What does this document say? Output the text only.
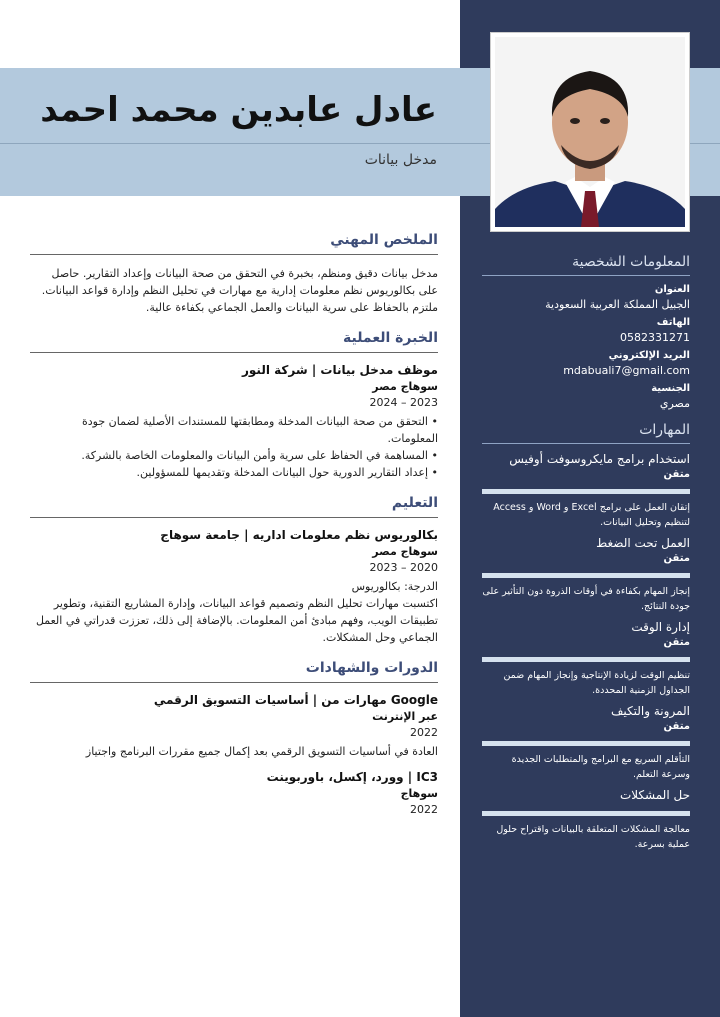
عادل عابدين محمد احمد
مدخل بيانات
الملخص المهني
مدخل بيانات دقيق ومنظم، بخبرة في التحقق من صحة البيانات وإعداد التقارير. حاصل على بكالوريوس نظم معلومات إدارية مع مهارات في تحليل النظم وإدارة قواعد البيانات. ملتزم بالحفاظ على سرية البيانات والعمل الجماعي بكفاءة عالية.
الخبرة العملية
موظف مدخل بيانات | شركة النور
سوهاج مصر
2023 – 2024
• التحقق من صحة البيانات المدخلة ومطابقتها للمستندات الأصلية لضمان جودة المعلومات.
• المساهمة في الحفاظ على سرية وأمن البيانات والمعلومات الخاصة بالشركة.
• إعداد التقارير الدورية حول البيانات المدخلة وتقديمها للمسؤولين.
التعليم
بكالوريوس نظم معلومات اداريه | جامعة سوهاج
سوهاج مصر
2020 – 2023
الدرجة: بكالوريوس
اكتسبت مهارات تحليل النظم وتصميم قواعد البيانات، وإدارة المشاريع التقنية، وتطوير تطبيقات الويب، وفهم مبادئ أمن المعلومات. بالإضافة إلى ذلك، تعززت قدراتي في العمل الجماعي وحل المشكلات.
الدورات والشهادات
Google مهارات من | أساسيات التسويق الرقمي
عبر الإنترنت
2022
العادة في أساسيات التسويق الرقمي بعد إكمال جميع مقررات البرنامج واجتياز
IC3 | وورد، إكسل، باوربوينت
سوهاج
2022
المعلومات الشخصية
العنوان
الجبيل المملكة العربية السعودية
الهاتف
0582331271
البريد الإلكتروني
mdabuali7@gmail.com
الجنسية
مصري
المهارات
استخدام برامج مايكروسوفت أوفيس
متقن
إتقان العمل على برامج Excel و Word و Access لتنظيم وتحليل البيانات.
العمل تحت الضغط
متقن
إنجاز المهام بكفاءة في أوقات الذروة دون التأثير على جودة النتائج.
إدارة الوقت
متقن
تنظيم الوقت لزيادة الإنتاجية وإنجاز المهام ضمن الجداول الزمنية المحددة.
المرونة والتكيف
متقن
التأقلم السريع مع البرامج والمتطلبات الجديدة وسرعة التعلم.
حل المشكلات
معالجة المشكلات المتعلقة بالبيانات واقتراح حلول عملية بسرعة.
